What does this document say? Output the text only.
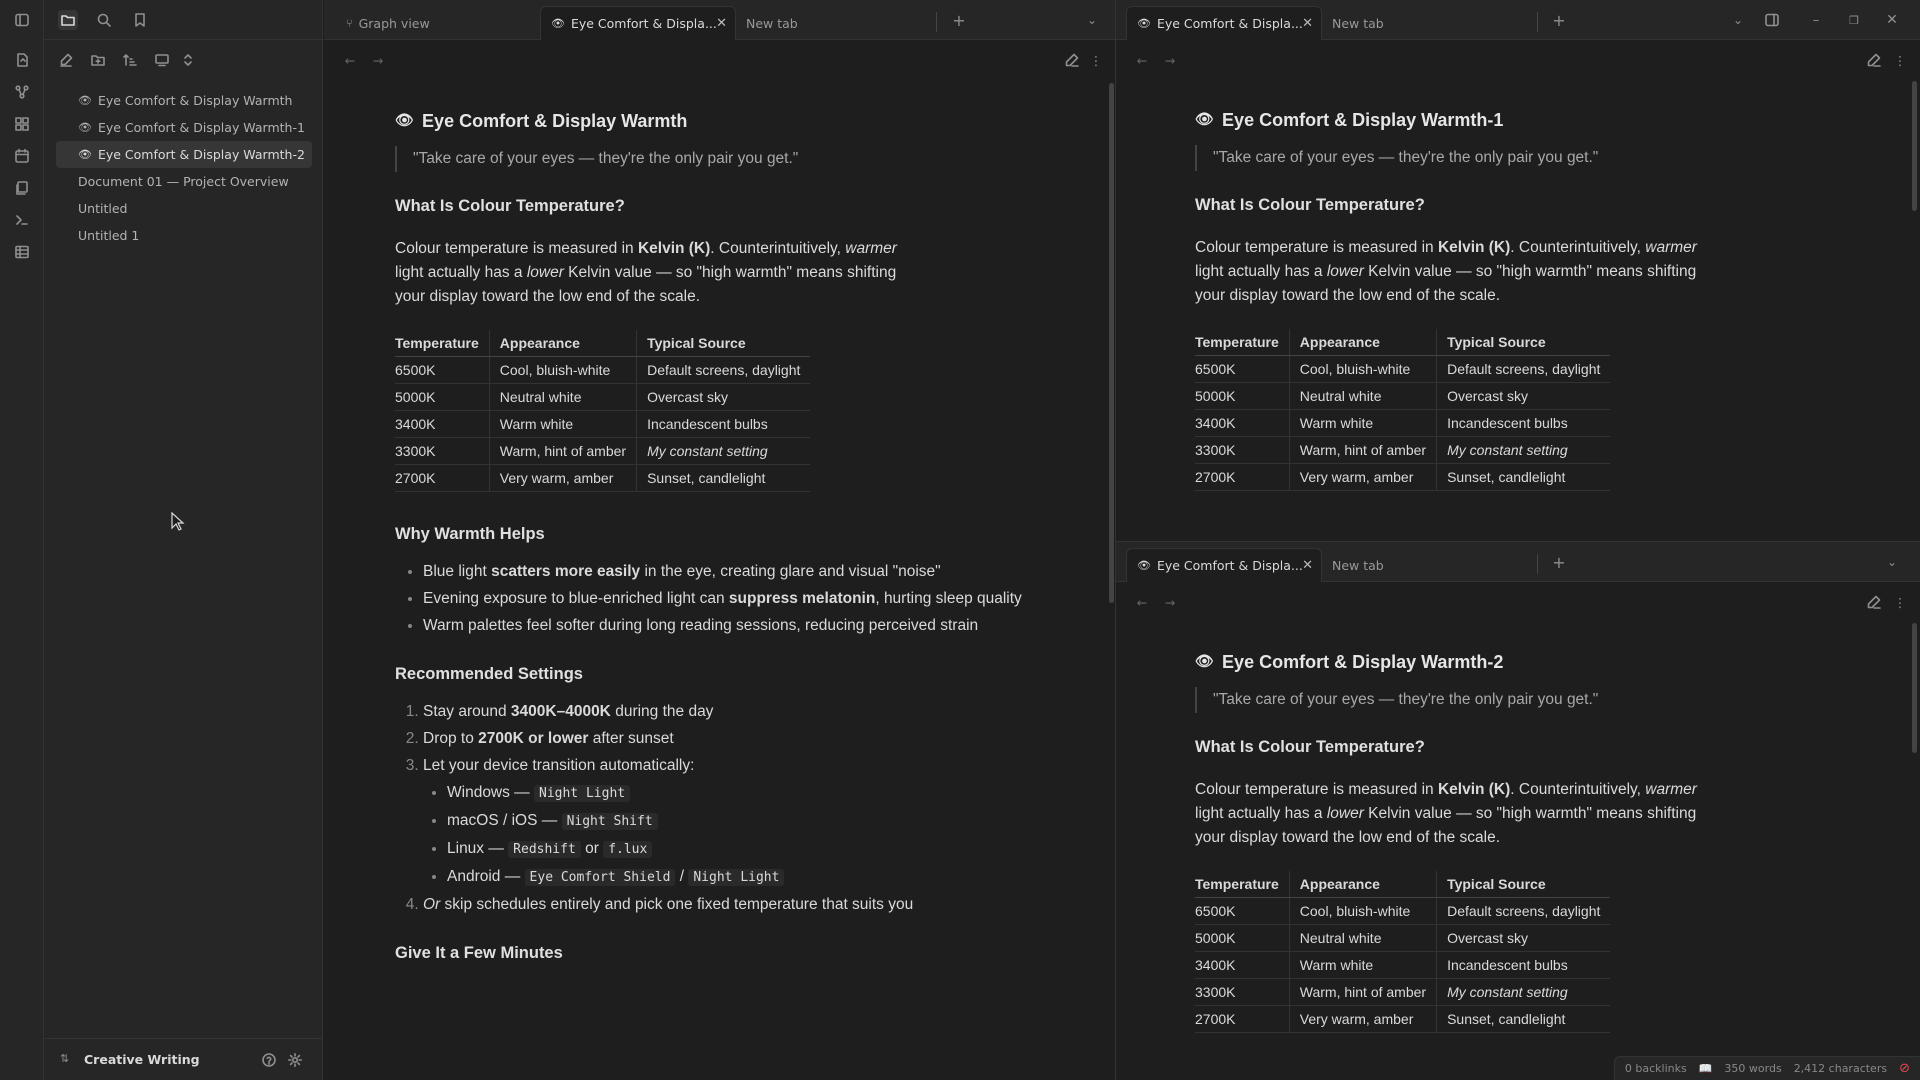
👁 Eye Comfort & Display Warmth
👁 Eye Comfort & Display Warmth-1
👁 Eye Comfort & Display Warmth-2
Document 01 — Project Overview
Untitled
Untitled 1
⇅ Creative Writing
⑂ Graph view	👁 Eye Comfort & Displa... ✕ New tab	+	⌄	👁 Eye Comfort & Displa... ✕ New tab	+	⌄	–	❐	✕
👁 Eye Comfort & Displa... ✕ New tab	+	⌄
←	→	⋮
👁 Eye Comfort & Display Warmth
"Take care of your eyes — they're the only pair you get."
What Is Colour Temperature?

Colour temperature is measured in Kelvin (K). Counterintuitively, warmer light actually has a lower Kelvin value — so "high warmth" means shifting your display toward the low end of the scale.

Temperature	Appearance	Typical Source
6500K	Cool, bluish-white	Default screens, daylight
5000K	Neutral white	Overcast sky
3400K	Warm white	Incandescent bulbs
3300K	Warm, hint of amber	My constant setting
2700K	Very warm, amber	Sunset, candlelight
Why Warmth Helps
• Blue light scatters more easily in the eye, creating glare and visual "noise"
• Evening exposure to blue-enriched light can suppress melatonin, hurting sleep quality
• Warm palettes feel softer during long reading sessions, reducing perceived strain
Recommended Settings
1. Stay around 3400K–4000K during the day
2. Drop to 2700K or lower after sunset
3. Let your device transition automatically:
• Windows — Night Light
• macOS / iOS — Night Shift
• Linux — Redshift or f.lux
• Android — Eye Comfort Shield / Night Light
4. Or skip schedules entirely and pick one fixed temperature that suits you
Give It a Few Minutes
←	→	⋮
👁 Eye Comfort & Display Warmth-1
"Take care of your eyes — they're the only pair you get."
What Is Colour Temperature?

Colour temperature is measured in Kelvin (K). Counterintuitively, warmer light actually has a lower Kelvin value — so "high warmth" means shifting your display toward the low end of the scale.

Temperature	Appearance	Typical Source
6500K	Cool, bluish-white	Default screens, daylight
5000K	Neutral white	Overcast sky
3400K	Warm white	Incandescent bulbs
3300K	Warm, hint of amber	My constant setting
2700K	Very warm, amber	Sunset, candlelight
←	→	⋮
👁 Eye Comfort & Display Warmth-2
"Take care of your eyes — they're the only pair you get."
What Is Colour Temperature?

Colour temperature is measured in Kelvin (K). Counterintuitively, warmer light actually has a lower Kelvin value — so "high warmth" means shifting your display toward the low end of the scale.

Temperature	Appearance	Typical Source
6500K	Cool, bluish-white	Default screens, daylight
5000K	Neutral white	Overcast sky
3400K	Warm white	Incandescent bulbs
3300K	Warm, hint of amber	My constant setting
2700K	Very warm, amber	Sunset, candlelight
0 backlinks 📖 350 words 2,412 characters ⊘
